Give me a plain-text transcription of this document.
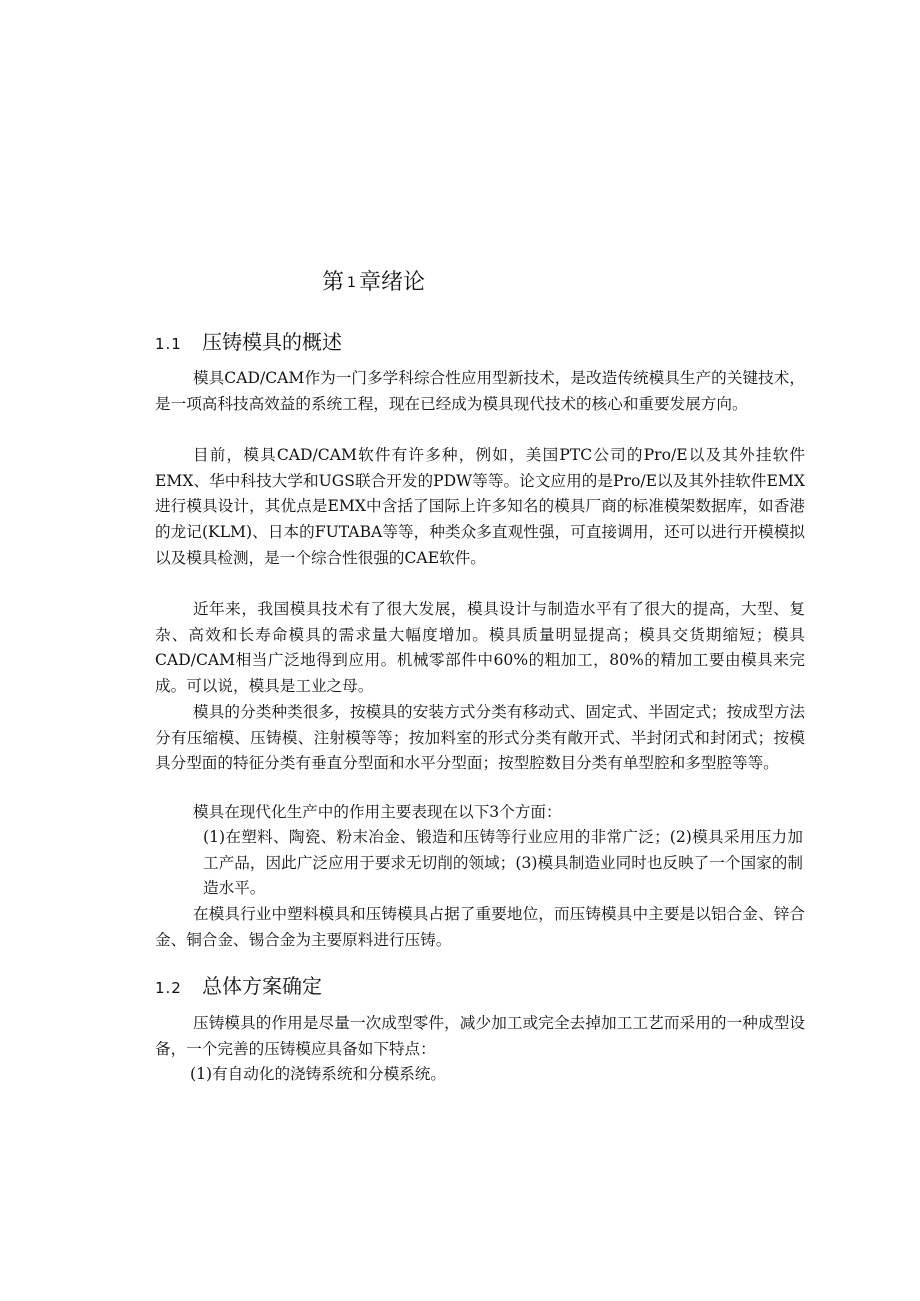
第 1 章绪论
1.1 压铸模具的概述

模具CAD/CAM作为一门多学科综合性应用型新技术，是改造传统模具生产的关键技术，是一项高科技高效益的系统工程，现在已经成为模具现代技术的核心和重要发展方向。

目前，模具CAD/CAM软件有许多种，例如，美国PTC公司的Pro/E以及其外挂软件EMX、华中科技大学和UGS联合开发的PDW等等。论文应用的是Pro/E以及其外挂软件EMX进行模具设计，其优点是EMX中含括了国际上许多知名的模具厂商的标准模架数据库，如香港的龙记(KLM)、日本的FUTABA等等，种类众多直观性强，可直接调用，还可以进行开模模拟以及模具检测，是一个综合性很强的CAE软件。

近年来，我国模具技术有了很大发展，模具设计与制造水平有了很大的提高，大型、复杂、高效和长寿命模具的需求量大幅度增加。模具质量明显提高；模具交货期缩短；模具CAD/CAM相当广泛地得到应用。机械零部件中60%的粗加工，80%的精加工要由模具来完成。可以说，模具是工业之母。

模具的分类种类很多，按模具的安装方式分类有移动式、固定式、半固定式；按成型方法分有压缩模、压铸模、注射模等等；按加料室的形式分类有敞开式、半封闭式和封闭式；按模具分型面的特征分类有垂直分型面和水平分型面；按型腔数目分类有单型腔和多型腔等等。

模具在现代化生产中的作用主要表现在以下3个方面：

(1)在塑料、陶瓷、粉末冶金、锻造和压铸等行业应用的非常广泛；(2)模具采用压力加工产品，因此广泛应用于要求无切削的领域；(3)模具制造业同时也反映了一个国家的制造水平。

在模具行业中塑料模具和压铸模具占据了重要地位，而压铸模具中主要是以铝合金、锌合金、铜合金、锡合金为主要原料进行压铸。

1.2 总体方案确定

压铸模具的作用是尽量一次成型零件，减少加工或完全去掉加工工艺而采用的一种成型设备，一个完善的压铸模应具备如下特点：

(1)有自动化的浇铸系统和分模系统。
